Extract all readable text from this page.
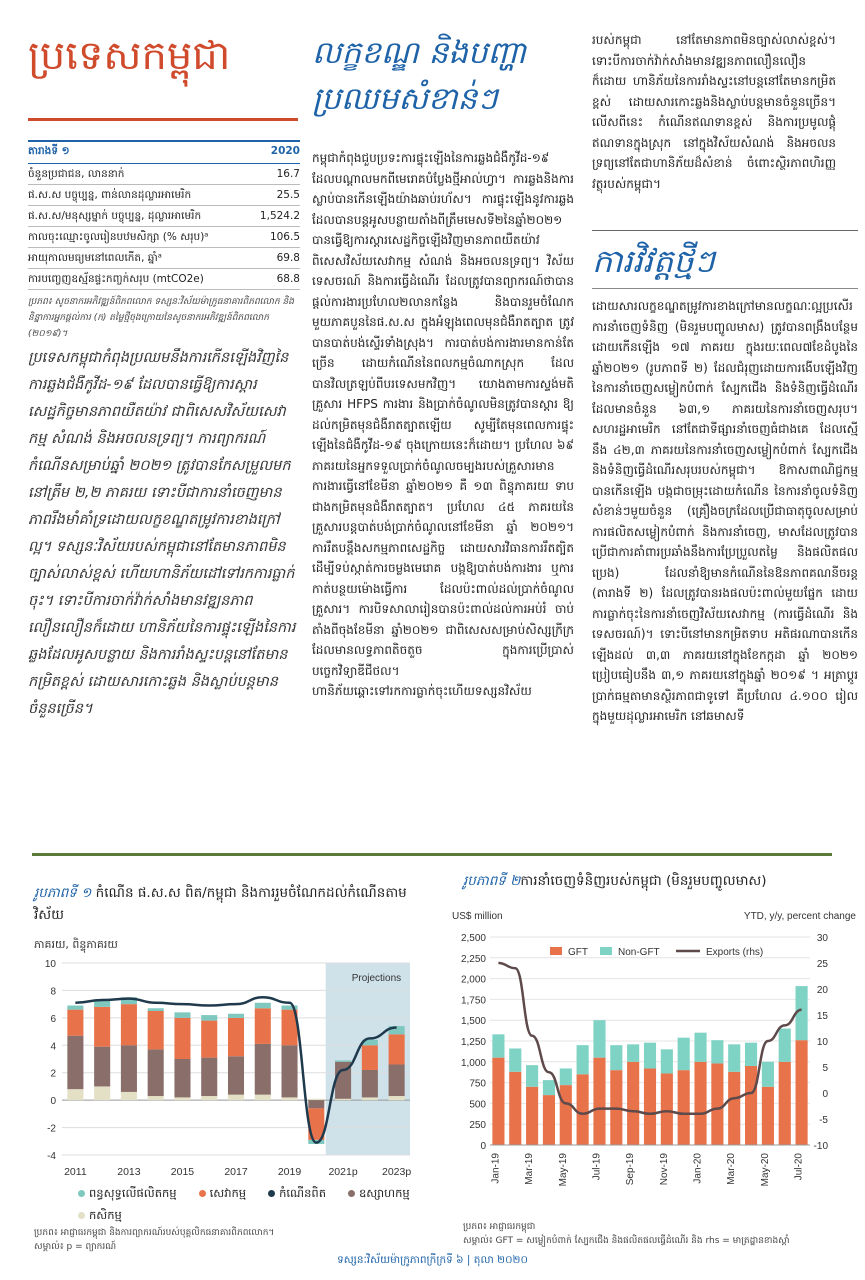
ប្រទេសកម្ពុជា
តារាងទី ១	2020
ចំនួនប្រជាជន, លាននាក់	16.7
ផ.ស.ស បច្ចុប្បន្ន, ពាន់លានដុល្លារអាមេរិក	25.5
ផ.ស.ស/មនុស្សម្នាក់ បច្ចុប្បន្ន, ដុល្លារអាមេរិក	1,524.2
កាលចុះឈ្មោះចូលរៀនបឋមសិក្សា (% សរុប)ᵃ	106.5
អាយុកាលមធ្យមនៅពេលកើត, ឆ្នាំᵃ	69.8
ការបញ្ចេញឧស្ម័នផ្ទះកញ្ចក់សរុប (mtCO2e)	68.8
ប្រភព៖ សូចនាករអភិវឌ្ឍន៍ពិភពលោក ទស្សនៈវិស័យម៉ាក្រូធនាគារពិភពលោក និងនិន្នាការអ្នកផ្តល់ការ (ក) តម្លៃថ្មីចុងក្រោយនៃសូចនាករអភិវឌ្ឍន៍ពិភពលោក (២០១៩)។
ប្រទេសកម្ពុជាកំពុងប្រឈមនឹងការកើនឡើងវិញនៃការឆ្លងជំងឺកូវីដ-១៩ ដែលបានធ្វើឱ្យការស្តារសេដ្ឋកិច្ចមានភាពយឺតយ៉ាវ ជាពិសេសវិស័យសេវាកម្ម សំណង់ និងអចលនទ្រព្យ។ ការព្យាករណ៍កំណើនសម្រាប់ឆ្នាំ ២០២១ ត្រូវបានកែសម្រួលមកនៅត្រឹម ២,២ ភាគរយ ទោះបីជាការនាំចេញមានភាពរឹងមាំគាំទ្រដោយលក្ខខណ្ឌតម្រូវការខាងក្រៅល្អ។ ទស្សនៈវិស័យរបស់កម្ពុជានៅតែមានភាពមិនច្បាស់លាស់ខ្ពស់ ហើយហានិភ័យដៅទៅរកការធ្លាក់ចុះ។ ទោះបីការចាក់វ៉ាក់សាំងមានវឌ្ឍនភាពលឿនលឿនក៏ដោយ ហានិភ័យនៃការផ្ទុះឡើងនៃការឆ្លងដែលអូសបន្លាយ និងការរាំងស្ទះបន្តនៅតែមានកម្រិតខ្ពស់ ដោយសារកោះឆ្លង និងស្លាប់បន្តមានចំនួនច្រើន។
លក្ខខណ្ឌ និងបញ្ហាប្រឈមសំខាន់ៗ

កម្ពុជាកំពុងជួបប្រទះការផ្ទុះឡើងនៃការឆ្លងជំងឺកូវីដ-១៩ ដែលបណ្តាលមកពីមេរោគបំប្លែងថ្មីអាល់ហ្វា។ ការឆ្លងនិងការស្លាប់បានកើនឡើងយ៉ាងឆាប់រហ័ស។ ការផ្ទុះឡើងនូវការឆ្លង ដែលបានបន្តអូសបន្លាយតាំងពីត្រឹមមេសទី២នៃឆ្នាំ២០២១ បានធ្វើឱ្យការស្តារសេដ្ឋកិច្ចឡើងវិញមានភាពយឺតយ៉ាវ ពិសេសវិស័យសេវាកម្ម សំណង់ និងអចលនទ្រព្យ។ វិស័យទេសចរណ៍ និងការធ្វើដំណើរ ដែលត្រូវបានព្យាករណ៍ថាបានផ្តល់ការងារប្រហែល២លានកន្លែង និងបានរួមចំណែកមួយភាគបួននៃផ.ស.ស ក្នុងអំឡុងពេលមុនជំងឺរាតត្បាត ត្រូវបានបាត់បង់ស្ទើរទាំងស្រុង។ ការបាត់បង់ការងារមានកាន់តែច្រើន ដោយកំណើននៃពលកម្មចំណាកស្រុក ដែលបានវិលត្រឡប់ពីបរទេសមកវិញ។ យោងតាមការស្ទង់មតិគ្រួសារ HFPS ការងារ និងប្រាក់ចំណូលមិនត្រូវបានស្តារ ឱ្យដល់កម្រិតមុនជំងឺរាតត្បាតឡើយ សូម្បីតែមុនពេលការផ្ទុះឡើងនៃជំងឺកូវីដ-១៩ ចុងក្រោយនេះក៏ដោយ។ ប្រហែល ៦៩ ភាគរយនៃអ្នកទទួលប្រាក់ចំណូលចម្បងរបស់គ្រួសារមានការងារធ្វើនៅខែមីនា ឆ្នាំ២០២១ គឺ ១៣ ពិន្ទុភាគរយ ទាបជាងកម្រិតមុនជំងឺរាតត្បាត។ ប្រហែល ៤៥ ភាគរយនៃគ្រួសារបន្តបាត់បង់ប្រាក់ចំណូលនៅខែមីនា ឆ្នាំ ២០២១។ ការរឹតបន្តឹងសកម្មភាពសេដ្ឋកិច្ច ដោយសារវិធានការរឹតត្បិត ដើម្បីទប់ស្កាត់ការចម្លងមេរោគ បង្កឱ្យបាត់បង់ការងារ ឬការកាត់បន្ថយម៉ោងធ្វើការ ដែលប៉ះពាល់ដល់ប្រាក់ចំណូលគ្រួសារ។ ការបិទសាលារៀនបានប៉ះពាល់ដល់ការអប់រំ ចាប់តាំងពីចុងខែមីនា ឆ្នាំ២០២១ ជាពិសេសសម្រាប់សិស្សក្រីក្រ ដែលមានលទ្ធភាពតិចតួច ក្នុងការប្រើប្រាស់បច្ចេកវិទ្យាឌីជីថល។

ហានិភ័យឆ្ពោះទៅរកការធ្លាក់ចុះហើយទស្សនវិស័យ

របស់កម្ពុជា នៅតែមានភាពមិនច្បាស់លាស់ខ្ពស់។ ទោះបីការចាក់វ៉ាក់សាំងមានវឌ្ឍនភាពលឿនលឿនក៏ដោយ ហានិភ័យនៃការរាំងស្ទះនៅបន្តនៅតែមានកម្រិតខ្ពស់ ដោយសារកោះឆ្លងនិងស្លាប់បន្តមានចំនួនច្រើន។ លើសពីនេះ កំណើនឥណទានខ្ពស់ និងការប្រមូលផ្តុំឥណទានក្នុងស្រុក នៅក្នុងវិស័យសំណង់ និងអចលនទ្រព្យនៅតែជាហានិភ័យដ៏សំខាន់ ចំពោះស្ថិរភាពហិរញ្ញវត្ថុរបស់កម្ពុជា។
ការវិវត្តថ្មីៗ
ដោយសារលក្ខខណ្ឌតម្រូវការខាងក្រៅមានលក្ខណៈល្អប្រសើរ ការនាំចេញទំនិញ (មិនរួមបញ្ចូលមាស) ត្រូវបានពង្រឹងបន្ថែម ដោយកើនឡើង ១៧ ភាគរយ ក្នុងរយៈពេល៧ខែដំបូងនៃឆ្នាំ២០២១ (រូបភាពទី ២) ដែលជំរុញដោយការងើបឡើងវិញ នៃការនាំចេញសម្លៀកបំពាក់ ស្បែកជើង និងទំនិញធ្វើដំណើរដែលមានចំនួន ៦៣,១ ភាគរយនៃការនាំចេញសរុប។ សហរដ្ឋអាមេរិក នៅតែជាទីផ្សារនាំចេញធំជាងគេ ដែលស្មើនឹង ៤២,៣ ភាគរយនៃការនាំចេញសម្លៀកបំពាក់ ស្បែកជើង និងទំនិញធ្វើដំណើរសរុបរបស់កម្ពុជា។ ឱកាសពាណិជ្ជកម្មបានកើនឡើង បង្កជាចម្រុះដោយកំណើន នៃការនាំចូលទំនិញសំខាន់ៗមួយចំនួន (គ្រឿងចក្រដែលប្រើជាធាតុចូលសម្រាប់ការផលិតសម្លៀកបំពាក់ និងការនាំចេញ, មាសដែលត្រូវបានប្រើជាការគាំពារប្រឆាំងនឹងការប្រែប្រួលតម្លៃ និងផលិតផលប្រេង) ដែលនាំឱ្យមានកំណើននៃឱនភាពគណនីចរន្ត (តារាងទី ២) ដែលត្រូវបានរងផលប៉ះពាល់មួយផ្នែក ដោយការធ្លាក់ចុះនៃការនាំចេញវិស័យសេវាកម្ម (ការធ្វើដំណើរ និងទេសចរណ៍)។ ទោះបីនៅមានកម្រិតទាប អតិផរណាបានកើនឡើងដល់ ៣,៣ ភាគរយនៅក្នុងខែកក្កដា ឆ្នាំ ២០២១ ប្រៀបធៀបនឹង ៣,១ ភាគរយនៅក្នុងឆ្នាំ ២០១៩ ។ អត្រាប្តូរប្រាក់ធម្មតាមានស្ថិរភាពជាទូទៅ គឺប្រហែល ៤.១០០ រៀលក្នុងមួយដុល្លារអាមេរិក នៅឆមាសទី
រូបភាពទី ១ កំណើន ផ.ស.ស ពិត/កម្ពុជា និងការរួមចំណែកដល់កំណើនតាមវិស័យ
ភាគរយ, ពិន្ទុភាគរយ
Projections
-4
-2
0
2
4
6
8
10
2011	2013	2015	2017	2019	2021p 2023p
ពន្ធសុទ្ធលើផលិតកម្ម	សេវាកម្ម	កំណើនពិត	ឧស្សាហកម្មកសិកម្ម
ប្រភព៖ អាជ្ញាធរកម្ពុជា និងការព្យាករណ៍របស់បុគ្គលិកធនាគារពិភពលោក។
សម្គាល់៖ p = ព្យាករណ៍
រូបភាពទី ២ការនាំចេញទំនិញរបស់កម្ពុជា (មិនរួមបញ្ចូលមាស)
US$ million	YTD, y/y, percent change
0
250
500
750
1,000
1,250
1,500
1,750
2,000
2,250
2,500
-10
-5
0
5
10
15
20
25
30
GFT	Non-GFT	Exports (rhs)
Jan-19 Mar-19 May-19 Jul-19 Sep-19 Nov-19 Jan-20 Mar-20 May-20 Jul-20
ប្រភព៖ អាជ្ញាធរកម្ពុជា
សម្គាល់៖ GFT = សម្លៀកបំពាក់ ស្បែកជើង និងផលិតផលធ្វើដំណើរ និង rhs = មាត្រដ្ឋានខាងស្តាំ
ទស្សនៈវិស័យម៉ាក្រូភាពក្រីក្រទី ៦ | តុលា ២០២០
